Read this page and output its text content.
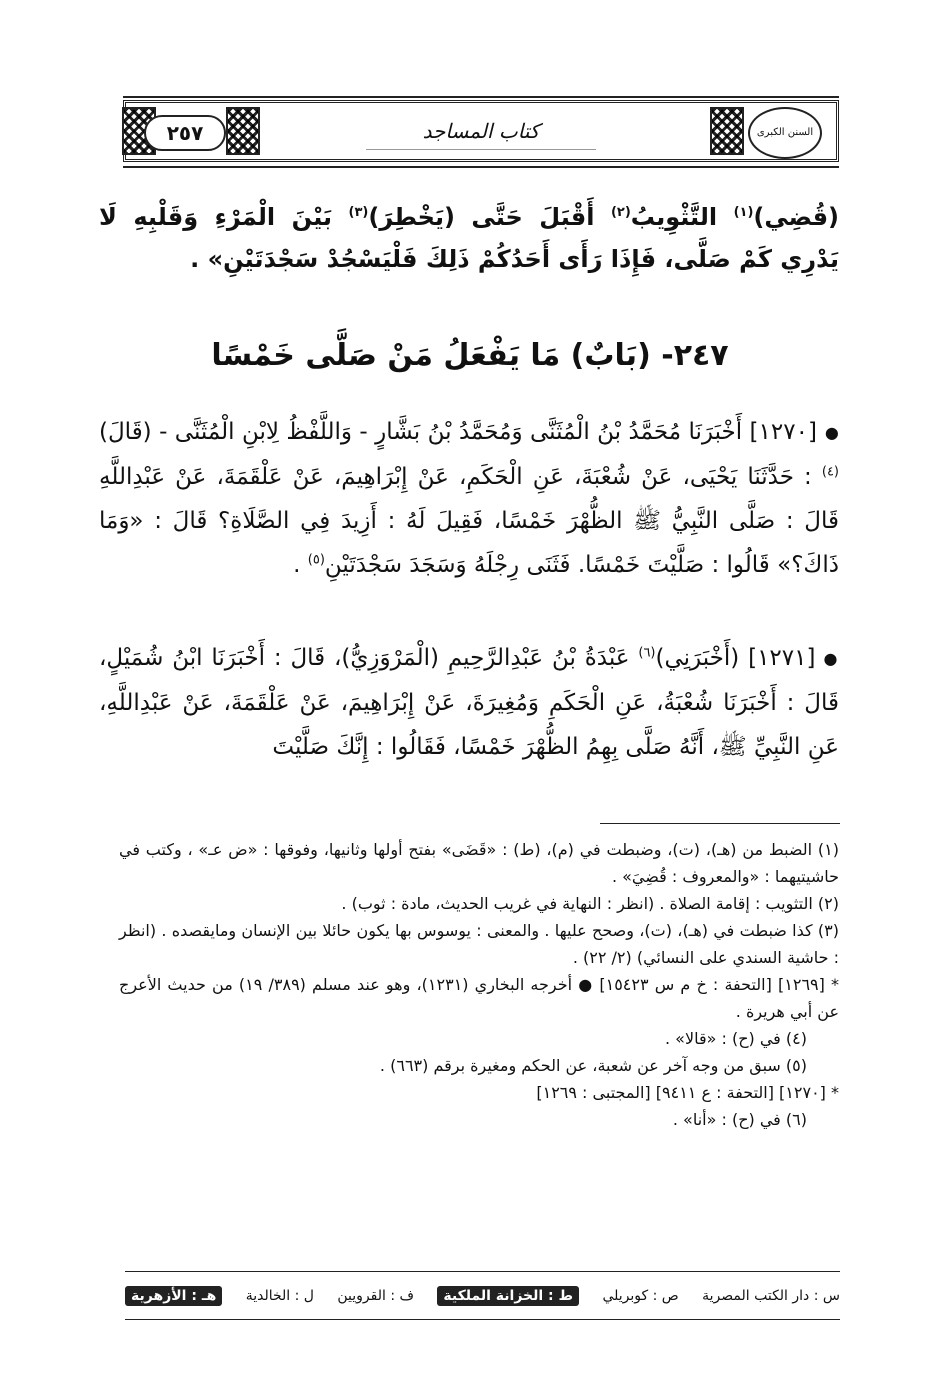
٢٥٧	كتاب المساجد	السنن الكبرى
(قُضِي)$^{(١)}$ التَّثْوِيبُ$^{(٢)}$ أَقْبَلَ حَتَّى (يَخْطِرَ)$^{(٣)}$ بَيْنَ الْمَرْءِ وَقَلْبِهِ لَا يَدْرِي كَمْ صَلَّى، فَإِذَا رَأَى أَحَدُكُمْ ذَلِكَ فَلْيَسْجُدْ سَجْدَتَيْنِ» .
٢٤٧- (بَابٌ) مَا يَفْعَلُ مَنْ صَلَّى خَمْسًا
●[١٢٧٠] أَخْبَرَنَا مُحَمَّدُ بْنُ الْمُثَنَّى وَمُحَمَّدُ بْنُ بَشَّارٍ - وَاللَّفْظُ لِابْنِ الْمُثَنَّى - (قَالَ)$^{(٤)}$ : حَدَّثَنَا يَحْيَى، عَنْ شُعْبَةَ، عَنِ الْحَكَمِ، عَنْ إِبْرَاهِيمَ، عَنْ عَلْقَمَةَ، عَنْ عَبْدِاللَّهِ قَالَ : صَلَّى النَّبِيُّ ﷺ الظُّهْرَ خَمْسًا، فَقِيلَ لَهُ : أَزِيدَ فِي الصَّلَاةِ؟ قَالَ : «وَمَا ذَاكَ؟» قَالُوا : صَلَّيْتَ خَمْسًا. فَثَنَى رِجْلَهُ وَسَجَدَ سَجْدَتَيْنِ$^{(٥)}$ .
●[١٢٧١] (أَخْبَرَنِي)$^{(٦)}$ عَبْدَةُ بْنُ عَبْدِالرَّحِيمِ (الْمَرْوَزِيُّ)، قَالَ : أَخْبَرَنَا ابْنُ شُمَيْلٍ، قَالَ : أَخْبَرَنَا شُعْبَةُ، عَنِ الْحَكَمِ وَمُغِيرَةَ، عَنْ إِبْرَاهِيمَ، عَنْ عَلْقَمَةَ، عَنْ عَبْدِاللَّهِ، عَنِ النَّبِيِّ ﷺ، أَنَّهُ صَلَّى بِهِمُ الظُّهْرَ خَمْسًا، فَقَالُوا : إِنَّكَ صَلَّيْتَ

(١) الضبط من (هـ)، (ت)، وضبطت في (م)، (ط) : «قَضَى» بفتح أولها وثانيها، وفوقها : «ض عـ» ، وكتب في حاشيتيهما : «والمعروف : قُضِيَ» .

(٢) التثويب : إقامة الصلاة . (انظر : النهاية في غريب الحديث، مادة : ثوب) .

(٣) كذا ضبطت في (هـ)، (ت)، وصحح عليها . والمعنى : يوسوس بها يكون حائلا بين الإنسان ومايقصده . (انظر : حاشية السندي على النسائي) (٢/ ٢٢) .

* [١٢٦٩] [التحفة : خ م س ١٥٤٢٣] ● أخرجه البخاري (١٢٣١)، وهو عند مسلم (٣٨٩/ ١٩) من حديث الأعرج عن أبي هريرة .

(٤) في (ح) : «قالا» .

(٥) سبق من وجه آخر عن شعبة، عن الحكم ومغيرة برقم (٦٦٣) .

* [١٢٧٠] [التحفة : ع ٩٤١١] [المجتبى : ١٢٦٩]

(٦) في (ح) : «أنا» .

س : دار الكتب المصرية
ص : كوبريلي
ط : الخزانة الملكية
ف : القرويين
ل : الخالدية
هـ : الأزهرية
